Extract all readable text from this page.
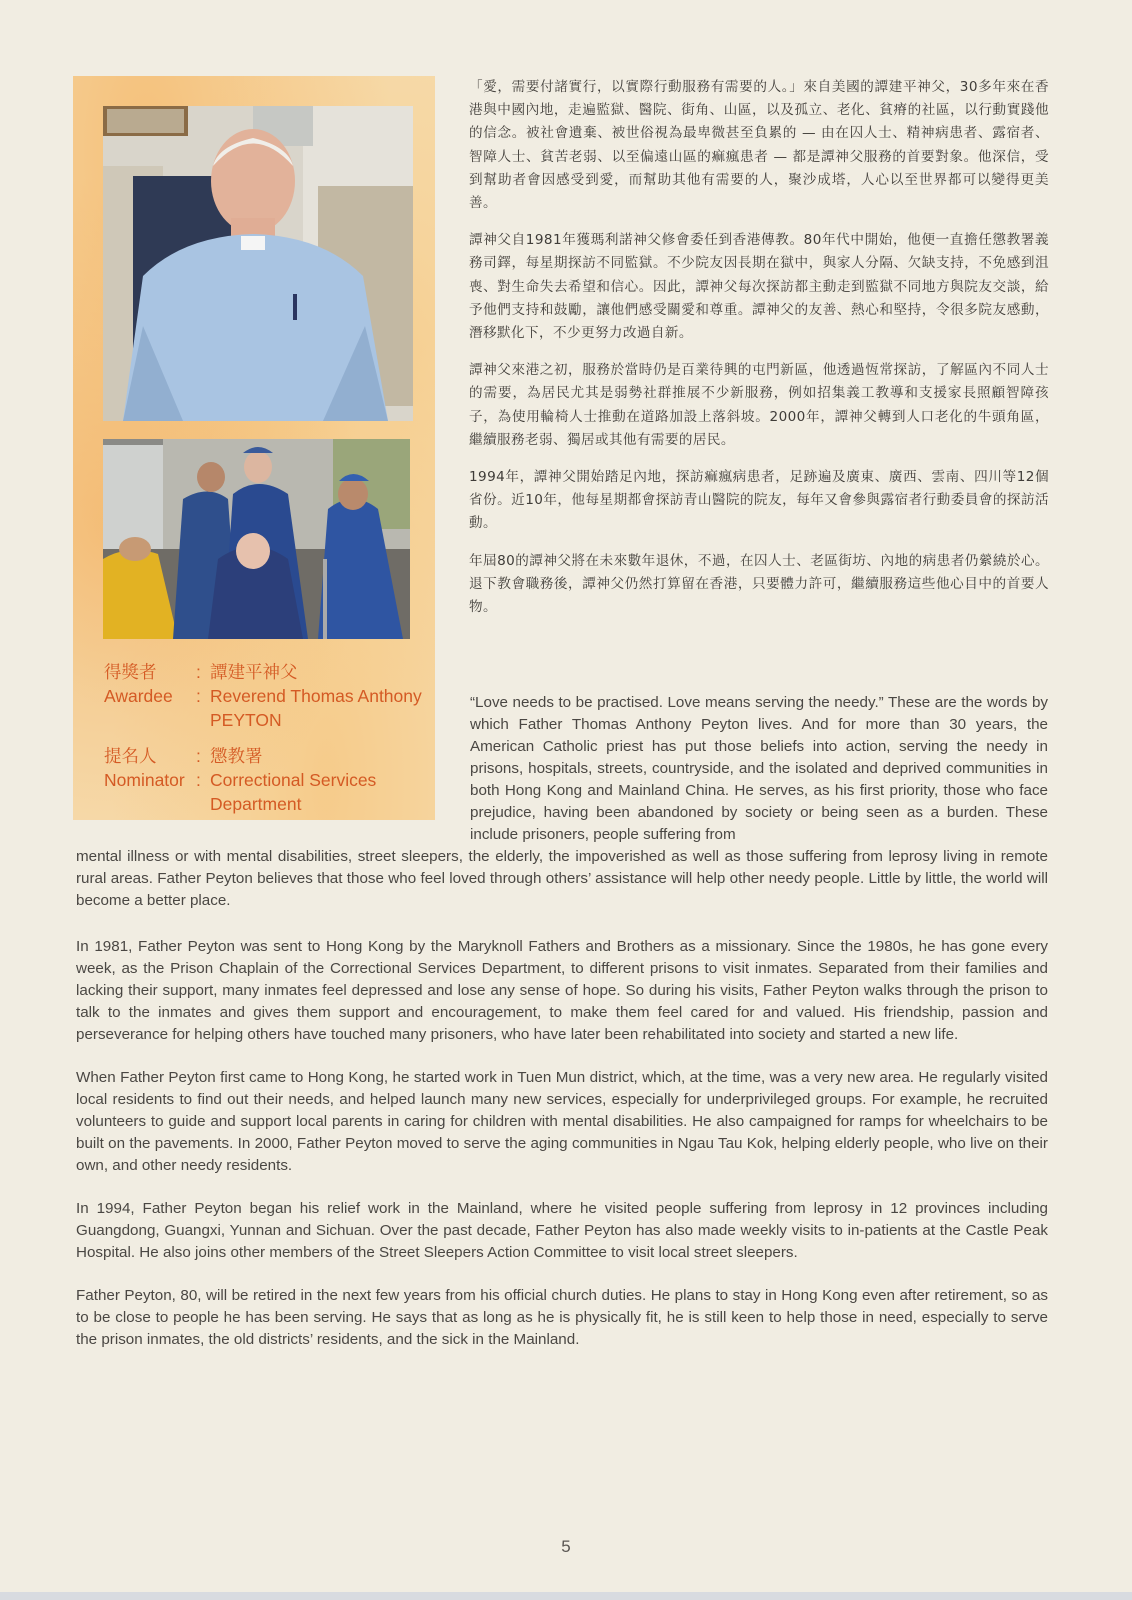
得獎者	: 譚建平神父
Awardee	: Reverend Thomas Anthony
PEYTON
提名人	: 懲教署
Nominator : Correctional Services
Department

「愛，需要付諸實行，以實際行動服務有需要的人。」來自美國的譚建平神父，30多年來在香港與中國內地，走遍監獄、醫院、街角、山區，以及孤立、老化、貧瘠的社區，以行動實踐他的信念。被社會遺棄、被世俗視為最卑微甚至負累的 — 由在囚人士、精神病患者、露宿者、智障人士、貧苦老弱、以至偏遠山區的痲瘋患者 — 都是譚神父服務的首要對象。他深信，受到幫助者會因感受到愛，而幫助其他有需要的人，聚沙成塔，人心以至世界都可以變得更美善。

譚神父自1981年獲瑪利諾神父修會委任到香港傳教。80年代中開始，他便一直擔任懲教署義務司鐸，每星期探訪不同監獄。不少院友因長期在獄中，與家人分隔、欠缺支持，不免感到沮喪、對生命失去希望和信心。因此，譚神父每次探訪都主動走到監獄不同地方與院友交談，給予他們支持和鼓勵，讓他們感受關愛和尊重。譚神父的友善、熱心和堅持，令很多院友感動，潛移默化下，不少更努力改過自新。

譚神父來港之初，服務於當時仍是百業待興的屯門新區，他透過恆常探訪，了解區內不同人士的需要，為居民尤其是弱勢社群推展不少新服務，例如招集義工教導和支援家長照顧智障孩子，為使用輪椅人士推動在道路加設上落斜坡。2000年，譚神父轉到人口老化的牛頭角區，繼續服務老弱、獨居或其他有需要的居民。

1994年，譚神父開始踏足內地，探訪痲瘋病患者，足跡遍及廣東、廣西、雲南、四川等12個省份。近10年，他每星期都會探訪青山醫院的院友，每年又會參與露宿者行動委員會的探訪活動。

年屆80的譚神父將在未來數年退休，不過，在囚人士、老區街坊、內地的病患者仍縈繞於心。退下教會職務後，譚神父仍然打算留在香港，只要體力許可，繼續服務這些他心目中的首要人物。

“Love needs to be practised. Love means serving the needy.” These are the words by which Father Thomas Anthony Peyton lives. And for more than 30 years, the American Catholic priest has put those beliefs into action, serving the needy in prisons, hospitals, streets, countryside, and the isolated and deprived communities in both Hong Kong and Mainland China. He serves, as his first priority, those who face prejudice, having been abandoned by society or being seen as a burden. These include prisoners, people suffering from

mental illness or with mental disabilities, street sleepers, the elderly, the impoverished as well as those suffering from leprosy living in remote rural areas. Father Peyton believes that those who feel loved through others’ assistance will help other needy people. Little by little, the world will become a better place.

In 1981, Father Peyton was sent to Hong Kong by the Maryknoll Fathers and Brothers as a missionary. Since the 1980s, he has gone every week, as the Prison Chaplain of the Correctional Services Department, to different prisons to visit inmates. Separated from their families and lacking their support, many inmates feel depressed and lose any sense of hope. So during his visits, Father Peyton walks through the prison to talk to the inmates and gives them support and encouragement, to make them feel cared for and valued. His friendship, passion and perseverance for helping others have touched many prisoners, who have later been rehabilitated into society and started a new life.

When Father Peyton first came to Hong Kong, he started work in Tuen Mun district, which, at the time, was a very new area. He regularly visited local residents to find out their needs, and helped launch many new services, especially for underprivileged groups. For example, he recruited volunteers to guide and support local parents in caring for children with mental disabilities. He also campaigned for ramps for wheelchairs to be built on the pavements. In 2000, Father Peyton moved to serve the aging communities in Ngau Tau Kok, helping elderly people, who live on their own, and other needy residents.

In 1994, Father Peyton began his relief work in the Mainland, where he visited people suffering from leprosy in 12 provinces including Guangdong, Guangxi, Yunnan and Sichuan. Over the past decade, Father Peyton has also made weekly visits to in-patients at the Castle Peak Hospital. He also joins other members of the Street Sleepers Action Committee to visit local street sleepers.

Father Peyton, 80, will be retired in the next few years from his official church duties. He plans to stay in Hong Kong even after retirement, so as to be close to people he has been serving. He says that as long as he is physically fit, he is still keen to help those in need, especially to serve the prison inmates, the old districts’ residents, and the sick in the Mainland.

5
